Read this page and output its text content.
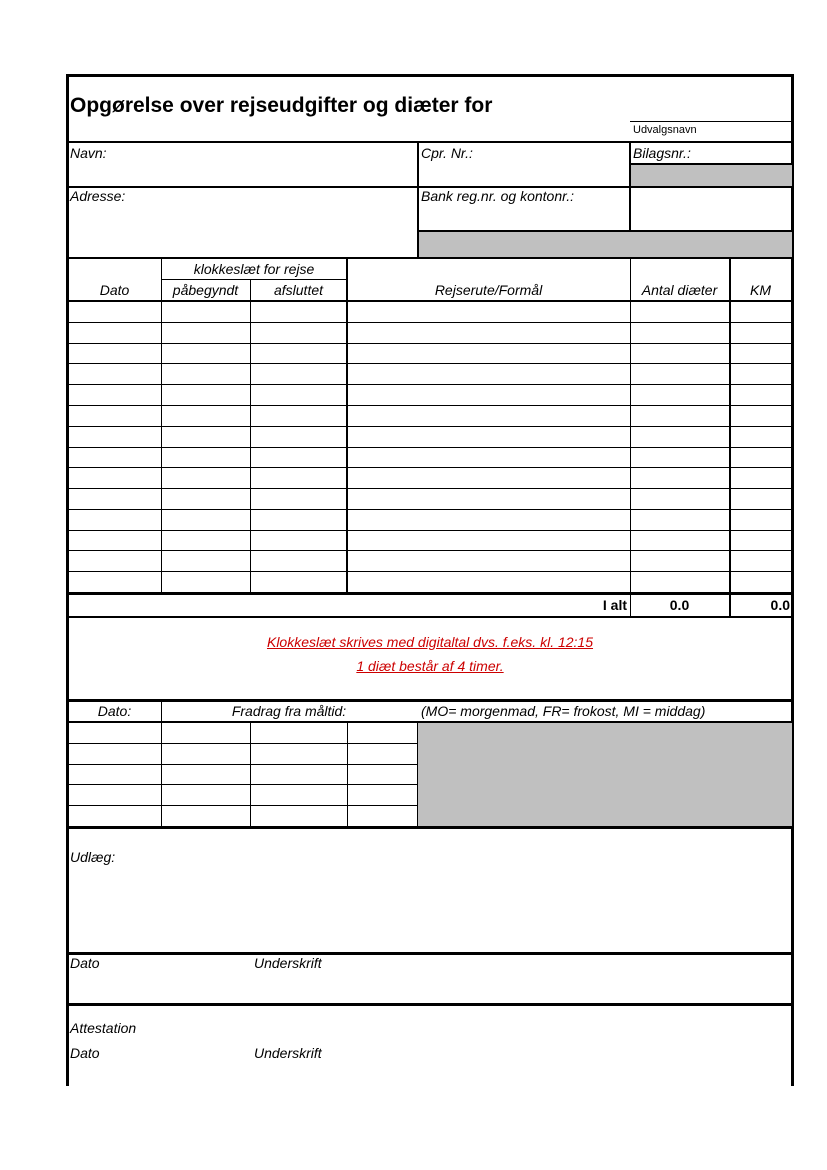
Opgørelse over rejseudgifter og diæter for
Udvalgsnavn
Navn:	Cpr. Nr.:	Bilagsnr.:
Adresse:	Bank reg.nr. og kontonr.:
klokkeslæt for rejse
Dato	påbegyndt	afsluttet	Rejserute/Formål	Antal diæter	KM
I alt	0.0	0.0
Klokkeslæt skrives med digitaltal dvs. f.eks. kl. 12:15
1 diæt består af 4 timer.
Dato:	Fradrag fra måltid:	(MO= morgenmad, FR= frokost, MI = middag)
Udlæg:
Dato	Underskrift
Attestation
Dato	Underskrift
